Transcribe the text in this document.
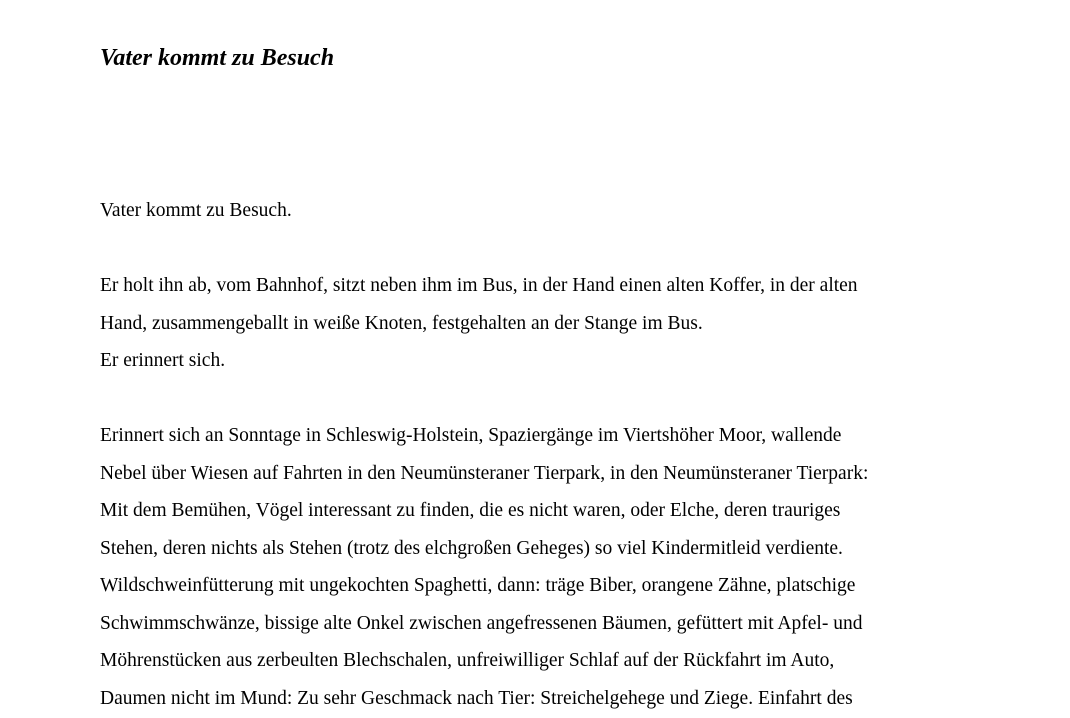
Vater kommt zu Besuch

Vater kommt zu Besuch.

Er holt ihn ab, vom Bahnhof, sitzt neben ihm im Bus, in der Hand einen alten Koffer, in der alten
Hand, zusammengeballt in weiße Knoten, festgehalten an der Stange im Bus.
Er erinnert sich.

Erinnert sich an Sonntage in Schleswig-Holstein, Spaziergänge im Viertshöher Moor, wallende
Nebel über Wiesen auf Fahrten in den Neumünsteraner Tierpark, in den Neumünsteraner Tierpark:
Mit dem Bemühen, Vögel interessant zu finden, die es nicht waren, oder Elche, deren trauriges
Stehen, deren nichts als Stehen (trotz des elchgroßen Geheges) so viel Kindermitleid verdiente.
Wildschweinfütterung mit ungekochten Spaghetti, dann: träge Biber, orangene Zähne, platschige
Schwimmschwänze, bissige alte Onkel zwischen angefressenen Bäumen, gefüttert mit Apfel- und
Möhrenstücken aus zerbeulten Blechschalen, unfreiwilliger Schlaf auf der Rückfahrt im Auto,
Daumen nicht im Mund: Zu sehr Geschmack nach Tier: Streichelgehege und Ziege. Einfahrt des
